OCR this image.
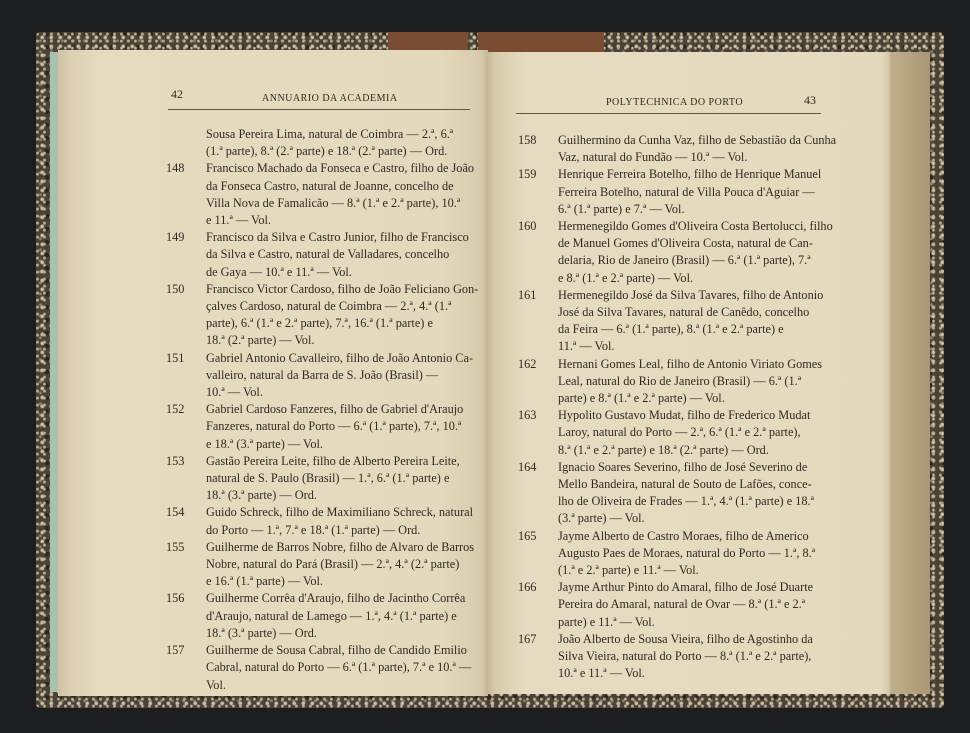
42	ANNUARIO DA ACADEMIA
Sousa Pereira Lima, natural de Coimbra — 2.ª, 6.ª
(1.ª parte), 8.ª (2.ª parte) e 18.ª (2.ª parte) — Ord.
148	Francisco Machado da Fonseca e Castro, filho de João
da Fonseca Castro, natural de Joanne, concelho de
Villa Nova de Famalicão — 8.ª (1.ª e 2.ª parte), 10.ª
e 11.ª — Vol.
149	Francisco da Silva e Castro Junior, filho de Francisco
da Silva e Castro, natural de Valladares, concelho
de Gaya — 10.ª e 11.ª — Vol.
150	Francisco Victor Cardoso, filho de João Feliciano Gon-
çalves Cardoso, natural de Coimbra — 2.ª, 4.ª (1.ª
parte), 6.ª (1.ª e 2.ª parte), 7.ª, 16.ª (1.ª parte) e
18.ª (2.ª parte) — Vol.
151	Gabriel Antonio Cavalleiro, filho de João Antonio Ca-
valleiro, natural da Barra de S. João (Brasil) —
10.ª — Vol.
152	Gabriel Cardoso Fanzeres, filho de Gabriel d'Araujo
Fanzeres, natural do Porto — 6.ª (1.ª parte), 7.ª, 10.ª
e 18.ª (3.ª parte) — Vol.
153	Gastão Pereira Leite, filho de Alberto Pereira Leite,
natural de S. Paulo (Brasil) — 1.ª, 6.ª (1.ª parte) e
18.ª (3.ª parte) — Ord.
154	Guido Schreck, filho de Maximiliano Schreck, natural
do Porto — 1.ª, 7.ª e 18.ª (1.ª parte) — Ord.
155	Guilherme de Barros Nobre, filho de Alvaro de Barros
Nobre, natural do Pará (Brasil) — 2.ª, 4.ª (2.ª parte)
e 16.ª (1.ª parte) — Vol.
156	Guilherme Corrêa d'Araujo, filho de Jacintho Corrêa
d'Araujo, natural de Lamego — 1.ª, 4.ª (1.ª parte) e
18.ª (3.ª parte) — Ord.
157	Guilherme de Sousa Cabral, filho de Candido Emilio
Cabral, natural do Porto — 6.ª (1.ª parte), 7.ª e 10.ª —
Vol.
POLYTECHNICA DO PORTO	43
158	Guilhermino da Cunha Vaz, filho de Sebastião da Cunha
Vaz, natural do Fundão — 10.ª — Vol.
159	Henrique Ferreira Botelho, filho de Henrique Manuel
Ferreira Botelho, natural de Villa Pouca d'Aguiar —
6.ª (1.ª parte) e 7.ª — Vol.
160	Hermenegildo Gomes d'Oliveira Costa Bertolucci, filho
de Manuel Gomes d'Oliveira Costa, natural de Can-
delaria, Rio de Janeiro (Brasil) — 6.ª (1.ª parte), 7.ª
e 8.ª (1.ª e 2.ª parte) — Vol.
161	Hermenegildo José da Silva Tavares, filho de Antonio
José da Silva Tavares, natural de Canêdo, concelho
da Feira — 6.ª (1.ª parte), 8.ª (1.ª e 2.ª parte) e
11.ª — Vol.
162	Hernani Gomes Leal, filho de Antonio Viriato Gomes
Leal, natural do Rio de Janeiro (Brasil) — 6.ª (1.ª
parte) e 8.ª (1.ª e 2.ª parte) — Vol.
163	Hypolito Gustavo Mudat, filho de Frederico Mudat
Laroy, natural do Porto — 2.ª, 6.ª (1.ª e 2.ª parte),
8.ª (1.ª e 2.ª parte) e 18.ª (2.ª parte) — Ord.
164	Ignacio Soares Severino, filho de José Severino de
Mello Bandeira, natural de Souto de Lafões, conce-
lho de Oliveira de Frades — 1.ª, 4.ª (1.ª parte) e 18.ª
(3.ª parte) — Vol.
165	Jayme Alberto de Castro Moraes, filho de Americo
Augusto Paes de Moraes, natural do Porto — 1.ª, 8.ª
(1.ª e 2.ª parte) e 11.ª — Vol.
166	Jayme Arthur Pinto do Amaral, filho de José Duarte
Pereira do Amaral, natural de Ovar — 8.ª (1.ª e 2.ª
parte) e 11.ª — Vol.
167	João Alberto de Sousa Vieira, filho de Agostinho da
Silva Vieira, natural do Porto — 8.ª (1.ª e 2.ª parte),
10.ª e 11.ª — Vol.
